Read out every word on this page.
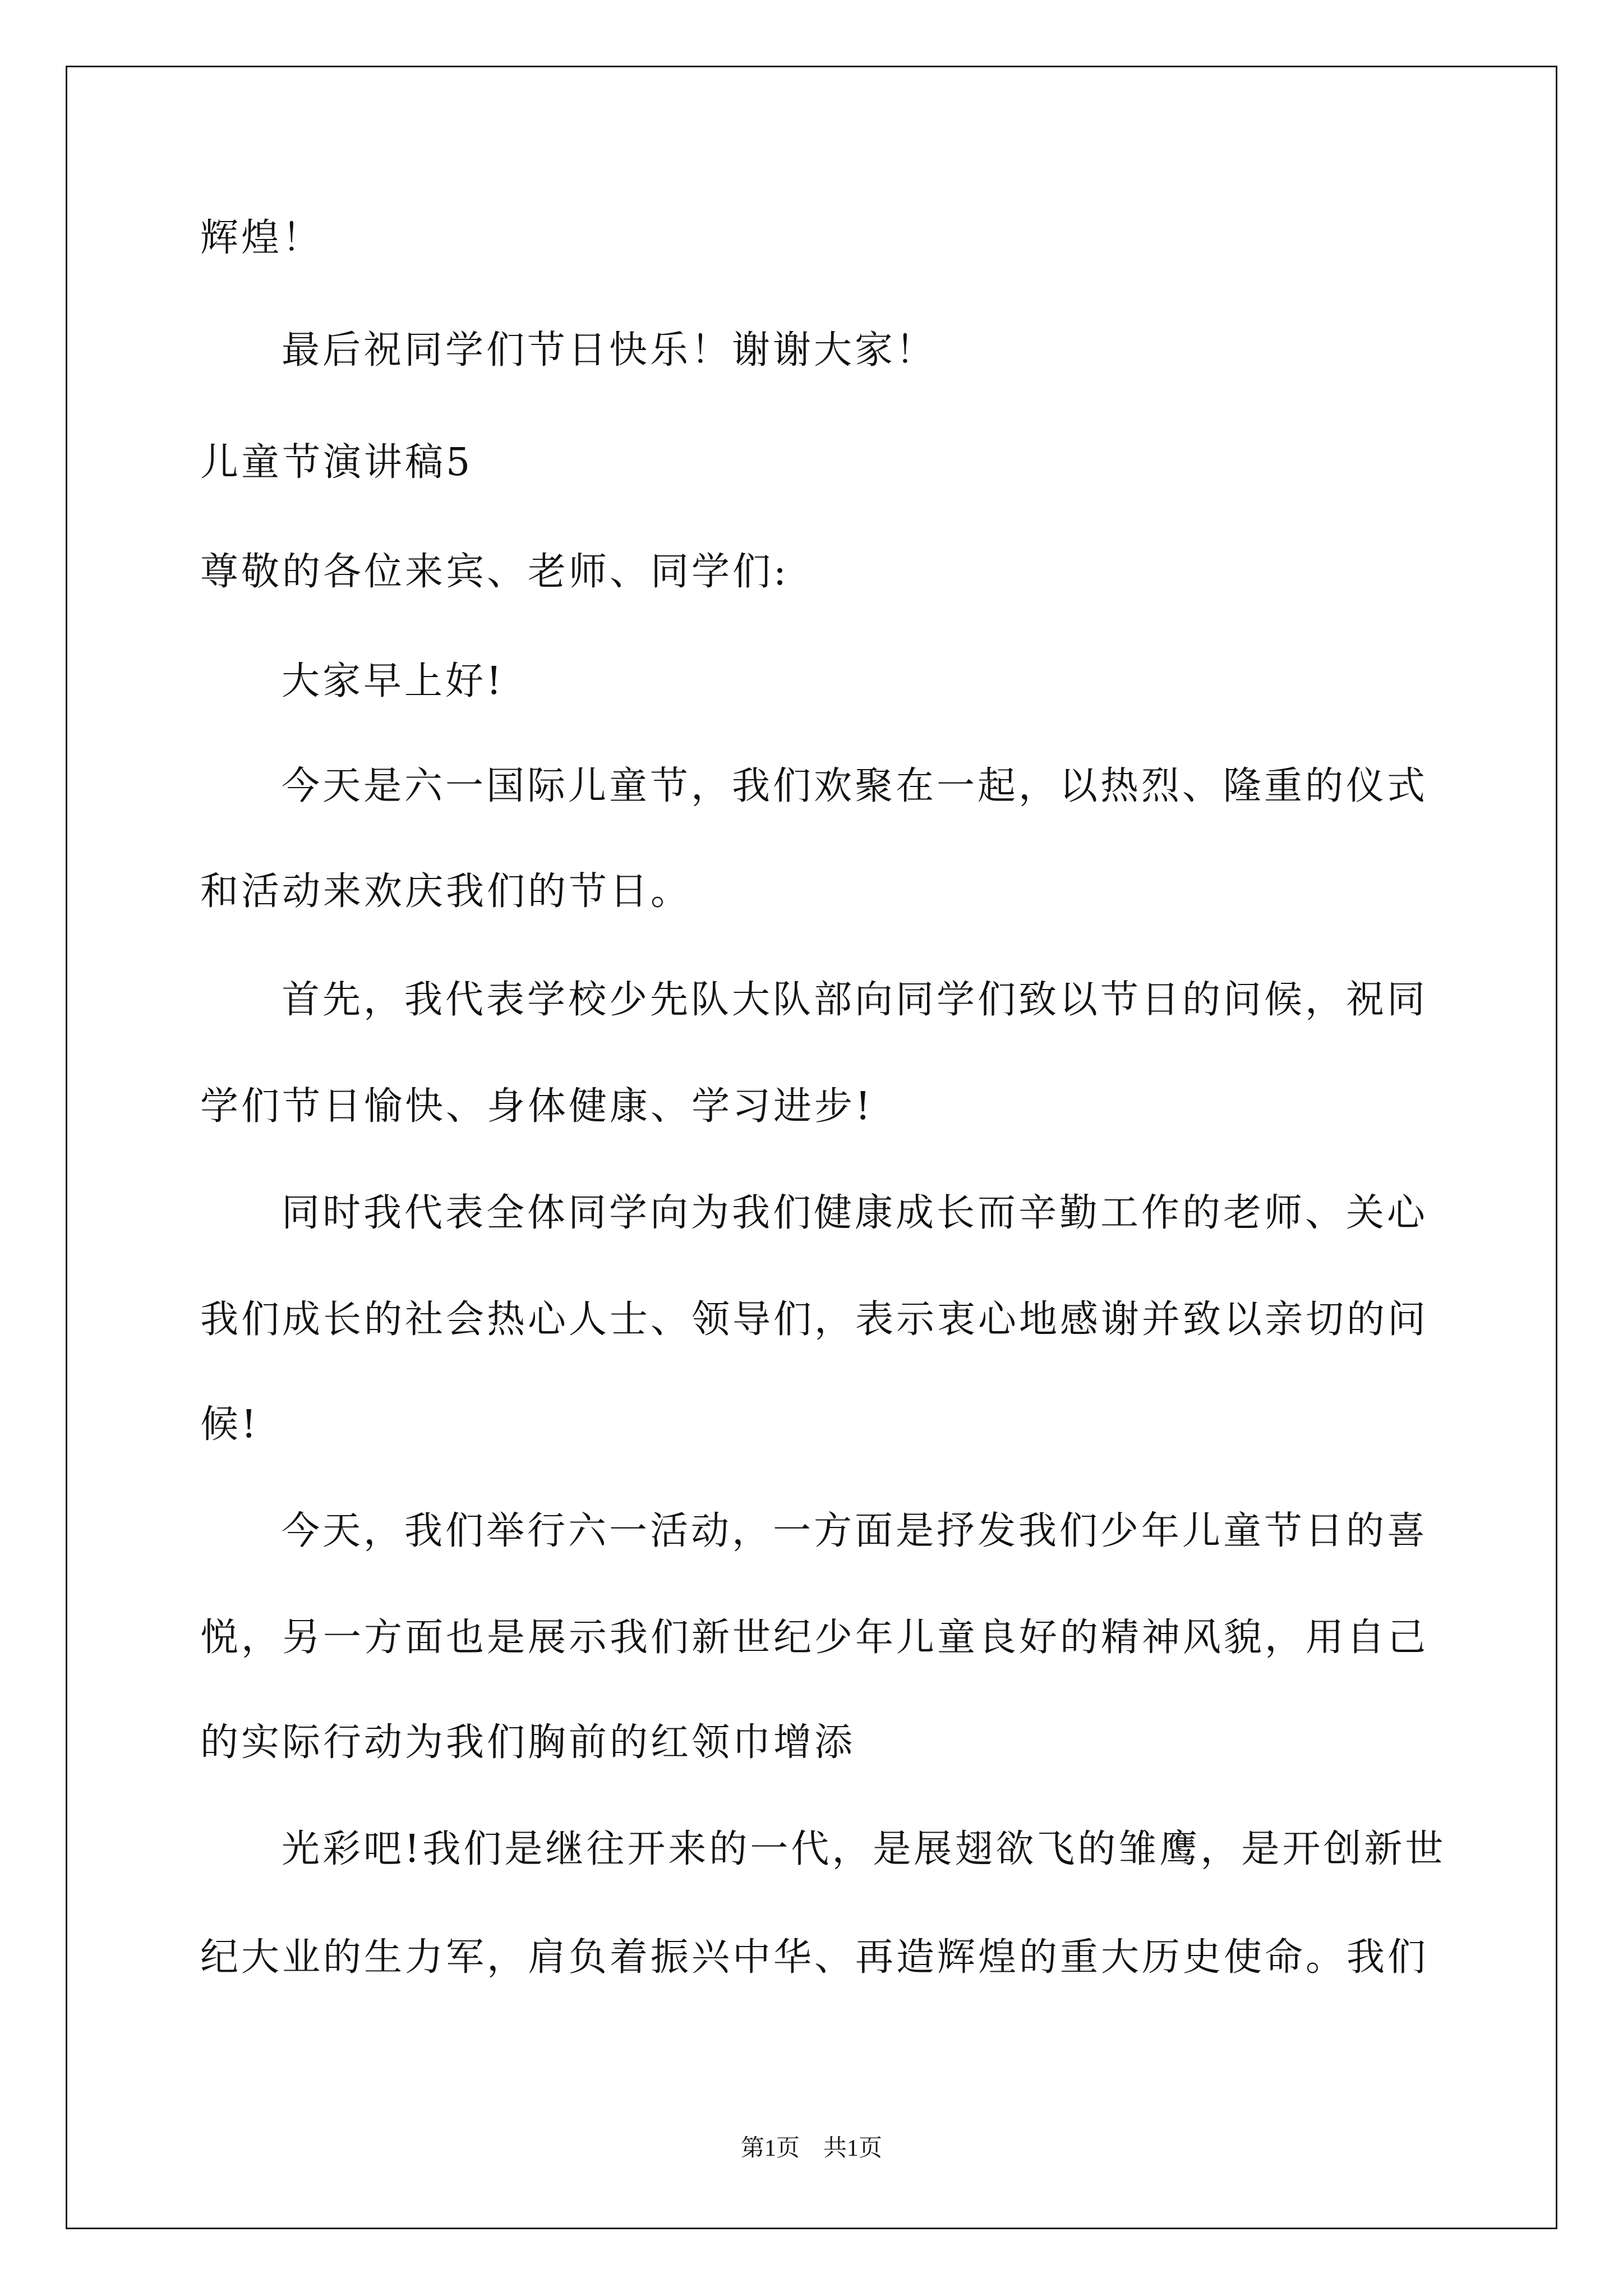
辉煌！
最后祝同学们节日快乐！谢谢大家！
儿童节演讲稿5
尊敬的各位来宾、老师、同学们:
大家早上好!
今天是六一国际儿童节，我们欢聚在一起，以热烈、隆重的仪式
和活动来欢庆我们的节日。
首先，我代表学校少先队大队部向同学们致以节日的问候，祝同
学们节日愉快、身体健康、学习进步!
同时我代表全体同学向为我们健康成长而辛勤工作的老师、关心
我们成长的社会热心人士、领导们，表示衷心地感谢并致以亲切的问
候!
今天，我们举行六一活动，一方面是抒发我们少年儿童节日的喜
悦，另一方面也是展示我们新世纪少年儿童良好的精神风貌，用自己
的实际行动为我们胸前的红领巾增添
光彩吧!我们是继往开来的一代，是展翅欲飞的雏鹰，是开创新世
纪大业的生力军，肩负着振兴中华、再造辉煌的重大历史使命。我们
第1页　共1页
